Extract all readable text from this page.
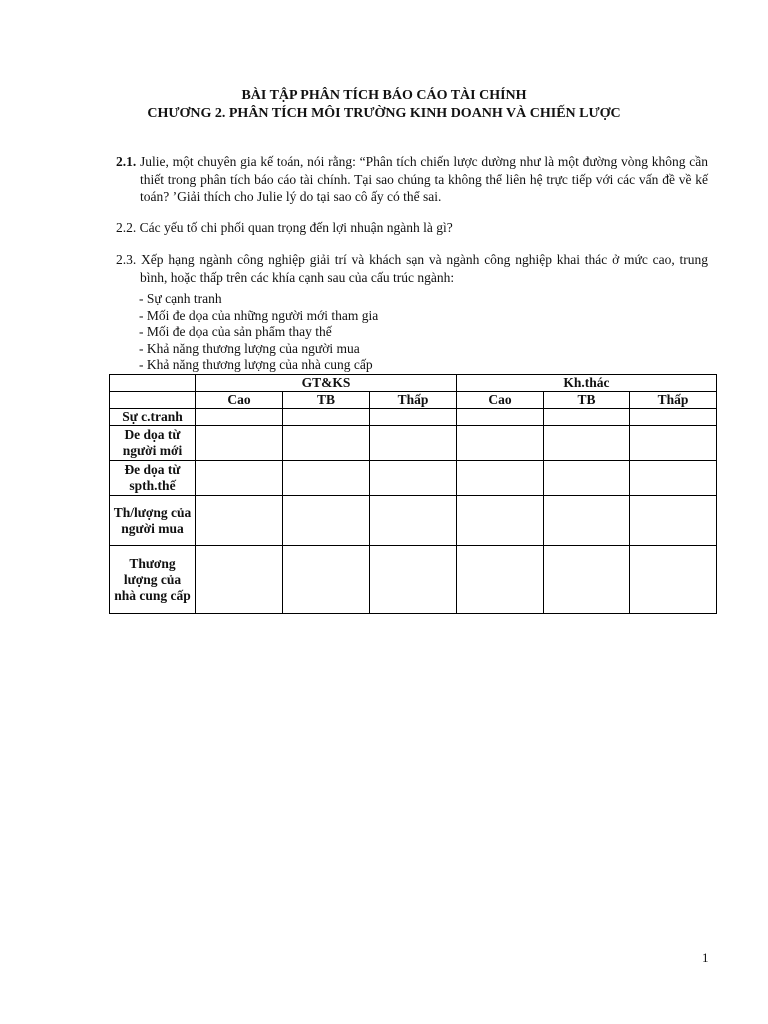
BÀI TẬP PHÂN TÍCH BÁO CÁO TÀI CHÍNH
CHƯƠNG 2. PHÂN TÍCH MÔI TRƯỜNG KINH DOANH VÀ CHIẾN LƯỢC
2.1. Julie, một chuyên gia kế toán, nói rằng: “Phân tích chiến lược dường như là một đường vòng không cần thiết trong phân tích báo cáo tài chính. Tại sao chúng ta không thể liên hệ trực tiếp với các vấn đề về kế toán? ’Giải thích cho Julie lý do tại sao cô ấy có thể sai.
2.2. Các yếu tố chi phối quan trọng đến lợi nhuận ngành là gì?
2.3. Xếp hạng ngành công nghiệp giải trí và khách sạn và ngành công nghiệp khai thác ở mức cao, trung bình, hoặc thấp trên các khía cạnh sau của cấu trúc ngành:
- Sự cạnh tranh
- Mối đe dọa của những người mới tham gia
- Mối đe dọa của sản phẩm thay thế
- Khả năng thương lượng của người mua
- Khả năng thương lượng của nhà cung cấp
	GT&KS			Kh.thác		
	Cao	TB	Thấp	Cao	TB	Thấp
Sự c.tranh						
De dọa từ người mới						
Đe dọa từ spth.thế						
Th/lượng của người mua						
Thương lượng của nhà cung cấp						
1
